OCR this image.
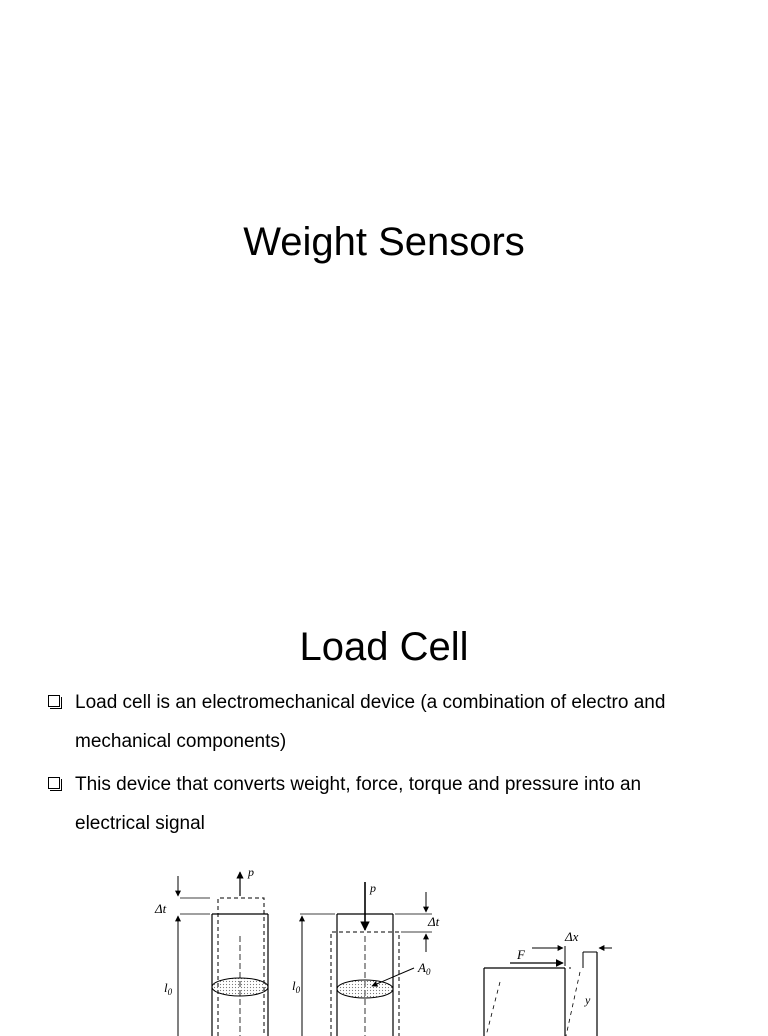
Weight Sensors
Load Cell
Load cell is an electromechanical device (a combination of electro and
mechanical components)
This device that converts weight, force, torque and pressure into an
electrical signal
p
Δt
$l_0$
p
$l_0$
Δt
$A_0$
F
Δx
y
